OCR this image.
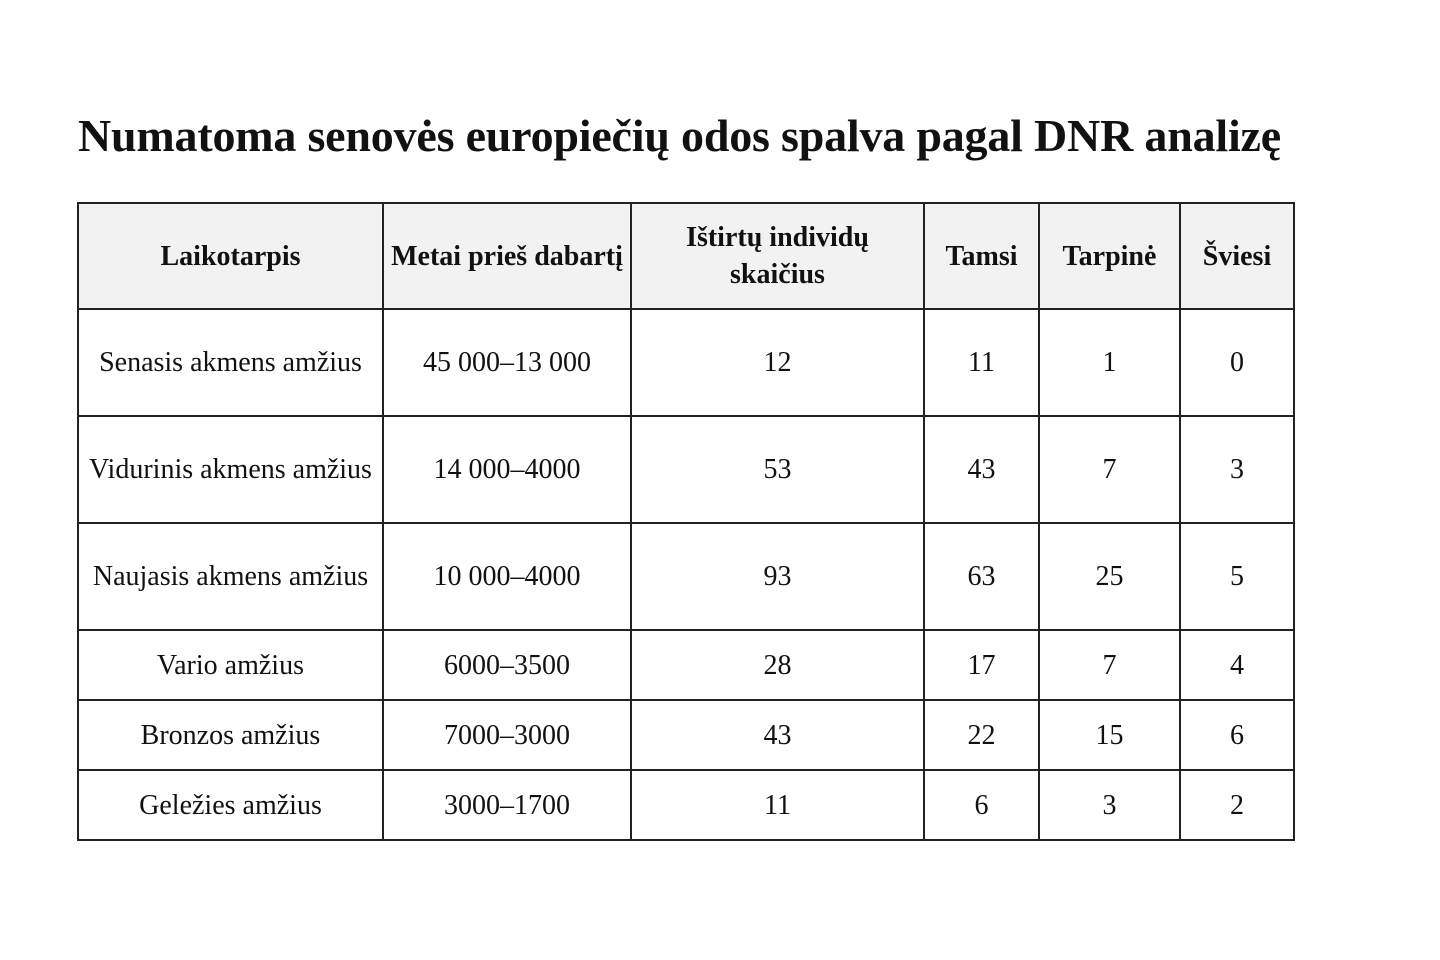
Numatoma senovės europiečių odos spalva pagal DNR analizę
Laikotarpis	Metai prieš dabartį	Ištirtų individų skaičius	Tamsi	Tarpinė	Šviesi
Senasis akmens amžius	45 000–13 000	12	11	1	0
Vidurinis akmens amžius	14 000–4000	53	43	7	3
Naujasis akmens amžius	10 000–4000	93	63	25	5
Vario amžius	6000–3500	28	17	7	4
Bronzos amžius	7000–3000	43	22	15	6
Geležies amžius	3000–1700	11	6	3	2
